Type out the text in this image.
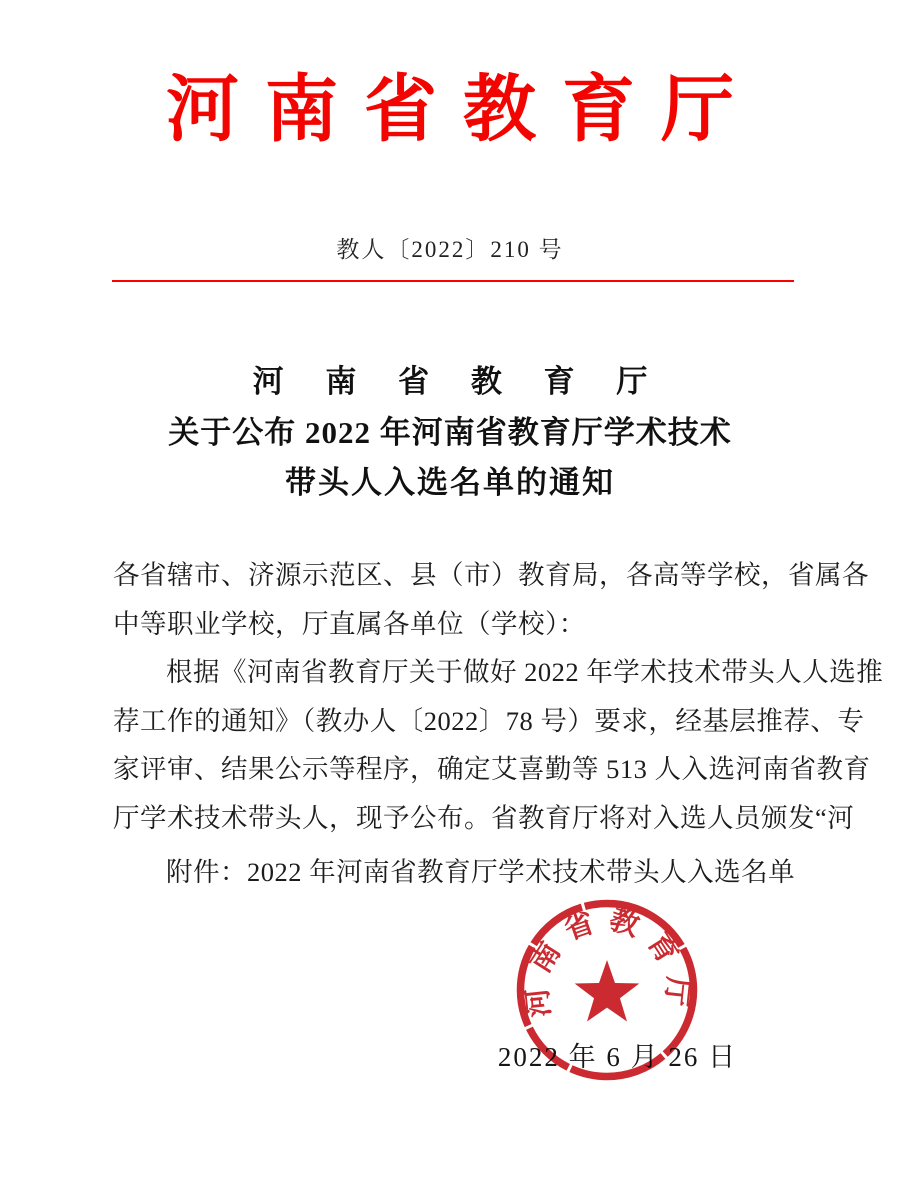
河南省教育厅
教人〔2022〕210 号
河 南 省 教 育 厅
关于公布 2022 年河南省教育厅学术技术
带头人入选名单的通知
各省辖市、济源示范区、县（市）教育局，各高等学校，省属各
中等职业学校，厅直属各单位（学校）：
根据《河南省教育厅关于做好 2022 年学术技术带头人人选推
荐工作的通知》（教办人〔2022〕78 号）要求，经基层推荐、专
家评审、结果公示等程序，确定艾喜勤等 513 人入选河南省教育
厅学术技术带头人，现予公布。省教育厅将对入选人员颁发“河
附件：2022 年河南省教育厅学术技术带头人入选名单
2022 年 6 月 26 日
河南省教育厅
